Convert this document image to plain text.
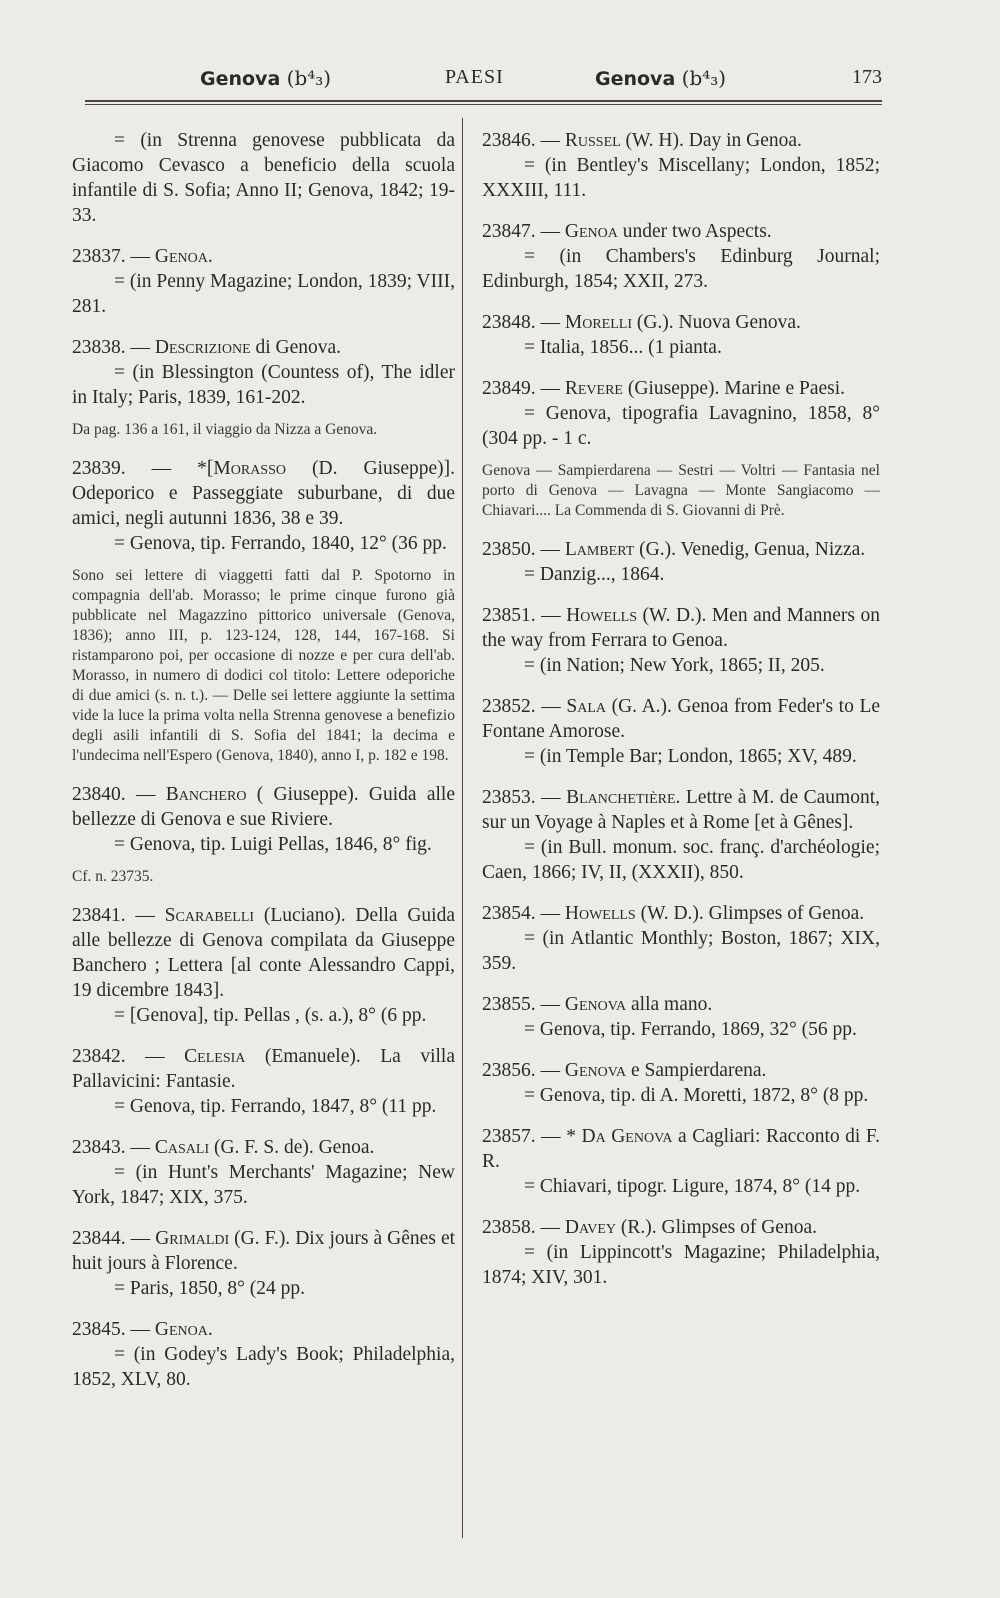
Genova (b⁴₃)	PAESI	Genova (b⁴₃)	173

= (in Strenna genovese pubblicata da Giacomo Cevasco a beneficio della scuola infantile di S. Sofia; Anno II; Genova, 1842; 19-33.

23837. — Genoa.

= (in Penny Magazine; London, 1839; VIII, 281.

23838. — Descrizione di Genova.

= (in Blessington (Countess of), The idler in Italy; Paris, 1839, 161-202.

Da pag. 136 a 161, il viaggio da Nizza a Genova.

23839. — *[Morasso (D. Giuseppe)]. Odeporico e Passeggiate suburbane, di due amici, negli autunni 1836, 38 e 39.

= Genova, tip. Ferrando, 1840, 12° (36 pp.

Sono sei lettere di viaggetti fatti dal P. Spotorno in compagnia dell'ab. Morasso; le prime cinque furono già pubblicate nel Magazzino pittorico universale (Genova, 1836); anno III, p. 123-124, 128, 144, 167-168. Si ristamparono poi, per occasione di nozze e per cura dell'ab. Morasso, in numero di dodici col titolo: Lettere odeporiche di due amici (s. n. t.). — Delle sei lettere aggiunte la settima vide la luce la prima volta nella Strenna genovese a benefizio degli asili infantili di S. Sofia del 1841; la decima e l'undecima nell'Espero (Genova, 1840), anno I, p. 182 e 198.

23840. — Banchero ( Giuseppe). Guida alle bellezze di Genova e sue Riviere.

= Genova, tip. Luigi Pellas, 1846, 8° fig.

Cf. n. 23735.

23841. — Scarabelli (Luciano). Della Guida alle bellezze di Genova compilata da Giuseppe Banchero ; Lettera [al conte Alessandro Cappi, 19 dicembre 1843].

= [Genova], tip. Pellas , (s. a.), 8° (6 pp.

23842. — Celesia (Emanuele). La villa Pallavicini: Fantasie.

= Genova, tip. Ferrando, 1847, 8° (11 pp.

23843. — Casali (G. F. S. de). Genoa.

= (in Hunt's Merchants' Magazine; New York, 1847; XIX, 375.

23844. — Grimaldi (G. F.). Dix jours à Gênes et huit jours à Florence.

= Paris, 1850, 8° (24 pp.

23845. — Genoa.

= (in Godey's Lady's Book; Philadelphia, 1852, XLV, 80.

23846. — Russel (W. H). Day in Genoa.

= (in Bentley's Miscellany; London, 1852; XXXIII, 111.

23847. — Genoa under two Aspects.

= (in Chambers's Edinburg Journal; Edinburgh, 1854; XXII, 273.

23848. — Morelli (G.). Nuova Genova.

= Italia, 1856... (1 pianta.

23849. — Revere (Giuseppe). Marine e Paesi.

= Genova, tipografia Lavagnino, 1858, 8° (304 pp. - 1 c.

Genova — Sampierdarena — Sestri — Voltri — Fantasia nel porto di Genova — Lavagna — Monte Sangiacomo — Chiavari.... La Commenda di S. Giovanni di Prè.

23850. — Lambert (G.). Venedig, Genua, Nizza.

= Danzig..., 1864.

23851. — Howells (W. D.). Men and Manners on the way from Ferrara to Genoa.

= (in Nation; New York, 1865; II, 205.

23852. — Sala (G. A.). Genoa from Feder's to Le Fontane Amorose.

= (in Temple Bar; London, 1865; XV, 489.

23853. — Blanchetière. Lettre à M. de Caumont, sur un Voyage à Naples et à Rome [et à Gênes].

= (in Bull. monum. soc. franç. d'archéologie; Caen, 1866; IV, II, (XXXII), 850.

23854. — Howells (W. D.). Glimpses of Genoa.

= (in Atlantic Monthly; Boston, 1867; XIX, 359.

23855. — Genova alla mano.

= Genova, tip. Ferrando, 1869, 32° (56 pp.

23856. — Genova e Sampierdarena.

= Genova, tip. di A. Moretti, 1872, 8° (8 pp.

23857. — * Da Genova a Cagliari: Racconto di F. R.

= Chiavari, tipogr. Ligure, 1874, 8° (14 pp.

23858. — Davey (R.). Glimpses of Genoa.

= (in Lippincott's Magazine; Philadelphia, 1874; XIV, 301.
